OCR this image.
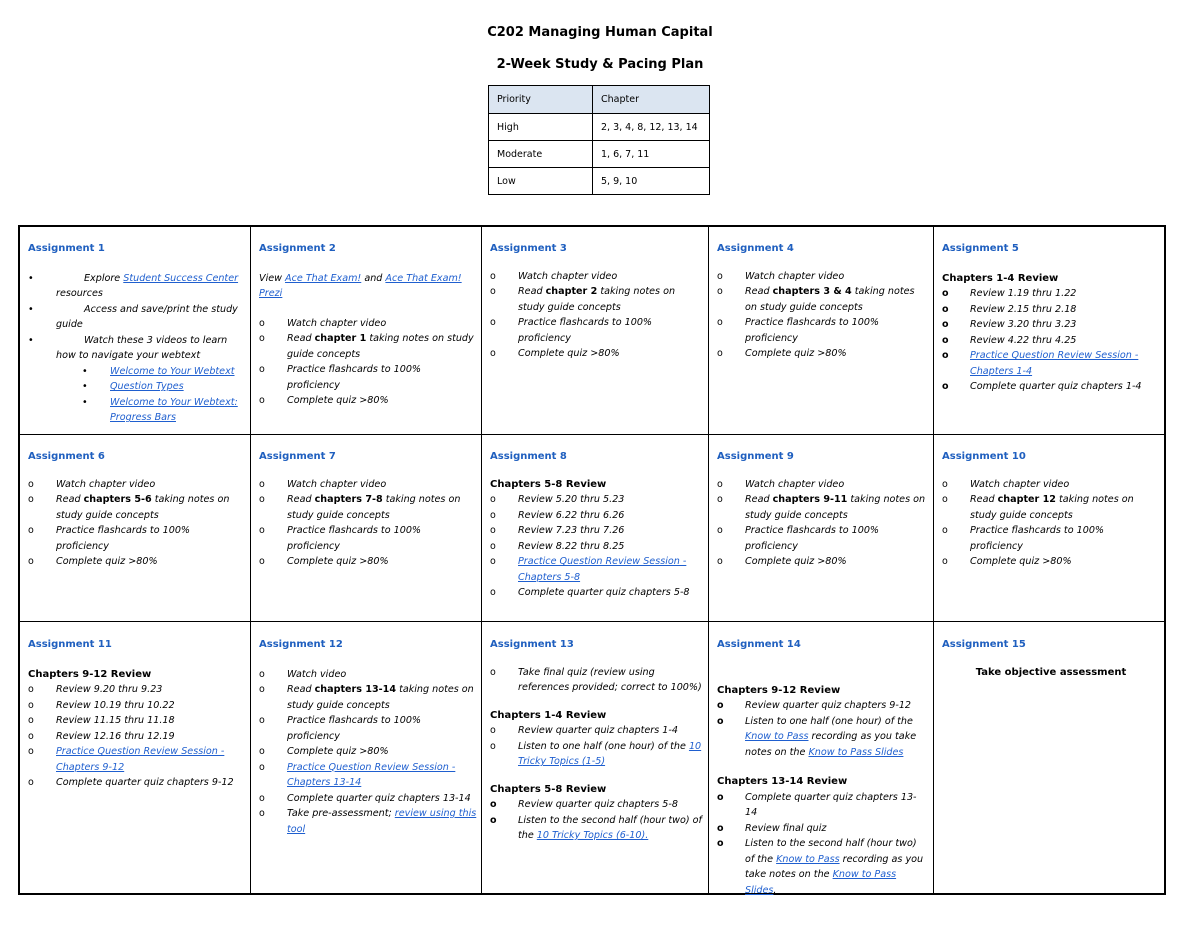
C202 Managing Human Capital
2-Week Study & Pacing Plan
Priority	Chapter
High	2, 3, 4, 8, 12, 13, 14
Moderate	1, 6, 7, 11
Low	5, 9, 10
Assignment 1
• Explore Student Success Center resources
• Access and save/print the study guide
• Watch these 3 videos to learn how to navigate your webtext
• Welcome to Your Webtext
• Question Types
• Welcome to Your Webtext: Progress Bars
Assignment 2
View Ace That Exam! and Ace That Exam! Prezi
o Watch chapter video
o Read chapter 1 taking notes on study guide concepts
o Practice flashcards to 100% proficiency
o Complete quiz >80%
Assignment 3
o Watch chapter video
o Read chapter 2 taking notes on study guide concepts
o Practice flashcards to 100% proficiency
o Complete quiz >80%
Assignment 4
o Watch chapter video
o Read chapters 3 & 4 taking notes on study guide concepts
o Practice flashcards to 100% proficiency
o Complete quiz >80%
Assignment 5
Chapters 1-4 Review
o Review 1.19 thru 1.22
o Review 2.15 thru 2.18
o Review 3.20 thru 3.23
o Review 4.22 thru 4.25
o Practice Question Review Session - Chapters 1-4
o Complete quarter quiz chapters 1-4
Assignment 6
o Watch chapter video
o Read chapters 5-6 taking notes on study guide concepts
o Practice flashcards to 100% proficiency
o Complete quiz >80%
Assignment 7
o Watch chapter video
o Read chapters 7-8 taking notes on study guide concepts
o Practice flashcards to 100% proficiency
o Complete quiz >80%
Assignment 8
Chapters 5-8 Review
o Review 5.20 thru 5.23
o Review 6.22 thru 6.26
o Review 7.23 thru 7.26
o Review 8.22 thru 8.25
o Practice Question Review Session - Chapters 5-8
o Complete quarter quiz chapters 5-8
Assignment 9
o Watch chapter video
o Read chapters 9-11 taking notes on study guide concepts
o Practice flashcards to 100% proficiency
o Complete quiz >80%
Assignment 10
o Watch chapter video
o Read chapter 12 taking notes on study guide concepts
o Practice flashcards to 100% proficiency
o Complete quiz >80%
Assignment 11
Chapters 9-12 Review
o Review 9.20 thru 9.23
o Review 10.19 thru 10.22
o Review 11.15 thru 11.18
o Review 12.16 thru 12.19
o Practice Question Review Session - Chapters 9-12
o Complete quarter quiz chapters 9-12
Assignment 12
o Watch video
o Read chapters 13-14 taking notes on study guide concepts
o Practice flashcards to 100% proficiency
o Complete quiz >80%
o Practice Question Review Session - Chapters 13-14
o Complete quarter quiz chapters 13-14
o Take pre-assessment; review using this tool
Assignment 13
o Take final quiz (review using references provided; correct to 100%)
Chapters 1-4 Review
o Review quarter quiz chapters 1-4
o Listen to one half (one hour) of the 10 Tricky Topics (1-5)
Chapters 5-8 Review
o Review quarter quiz chapters 5-8
o Listen to the second half (hour two) of the 10 Tricky Topics (6-10).
Assignment 14
Chapters 9-12 Review
o Review quarter quiz chapters 9-12
o Listen to one half (one hour) of the Know to Pass recording as you take notes on the Know to Pass Slides
Chapters 13-14 Review
o Complete quarter quiz chapters 13-14
o Review final quiz
o Listen to the second half (hour two) of the Know to Pass recording as you take notes on the Know to Pass Slides.
Assignment 15
Take objective assessment
